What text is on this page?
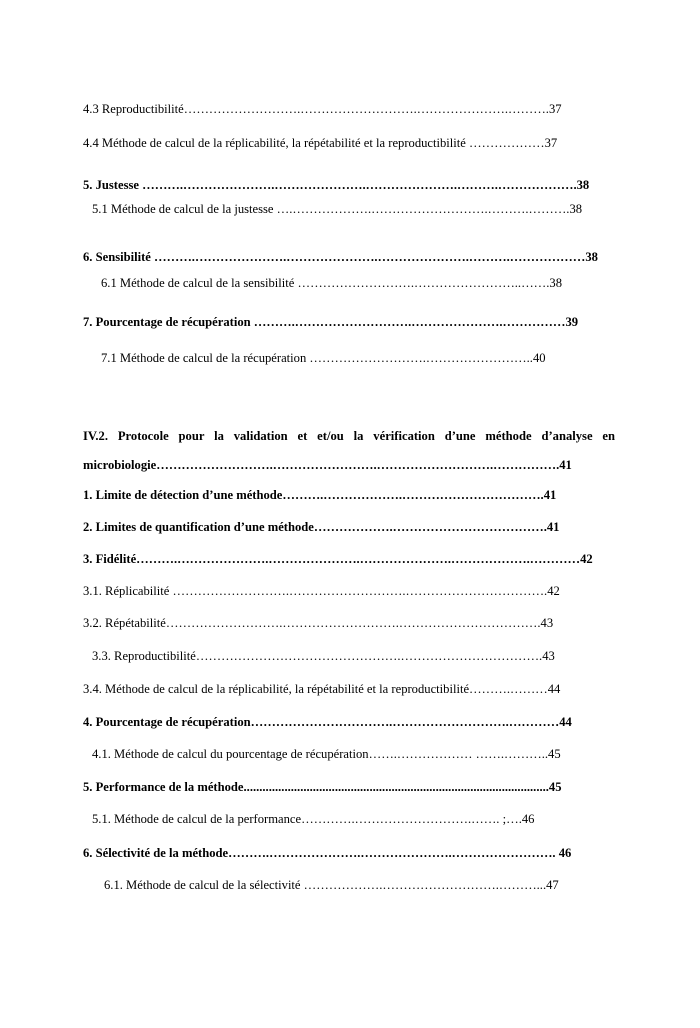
4.3 Reproductibilité……………………….……………………….………………….……….37
4.4 Méthode de calcul de la réplicabilité, la répétabilité et la reproductibilité ………………37
5. Justesse ……….………………….………………….………………….……….……………….38
5.1 Méthode de calcul de la justesse ….……………….……………………….……….……….38
6. Sensibilité ……….………………….………………….………………….……….………………38
6.1 Méthode de calcul de la sensibilité ……………………….……………………..…….38
7. Pourcentage de récupération ……….……………………….………………….……………39
7.1 Méthode de calcul de la récupération ……………………….……………………..40
IV.2. Protocole pour la validation et et/ou la vérification d’une méthode d’analyse en microbiologie……………………….…………………….……………………….…………….41
1. Limite de détection d’une méthode……….……………….…………………………….41
2. Limites de quantification d’une méthode……………….……………………………….41
3. Fidélité……….………………….………………….………………….……………….…………42
3.1. Réplicabilité ……………………….……………………….…………………………….42
3.2. Répétabilité……………………….……………………….…………………………….43
3.3. Reproductibilité………………………………………….…………………………….43
3.4. Méthode de calcul de la réplicabilité, la répétabilité et la reproductibilité……….………44
4. Pourcentage de récupération…………………………….……………………….…………44
4.1. Méthode de calcul du pourcentage de récupération…….……………… …….………..45
5. Performance de la méthode.................................................................................................45
5.1. Méthode de calcul de la performance………….……………………….……. ;….46
6. Sélectivité de la méthode……….………………….………………….……………………. 46
6.1. Méthode de calcul de la sélectivité ……………….……………………….………...47
